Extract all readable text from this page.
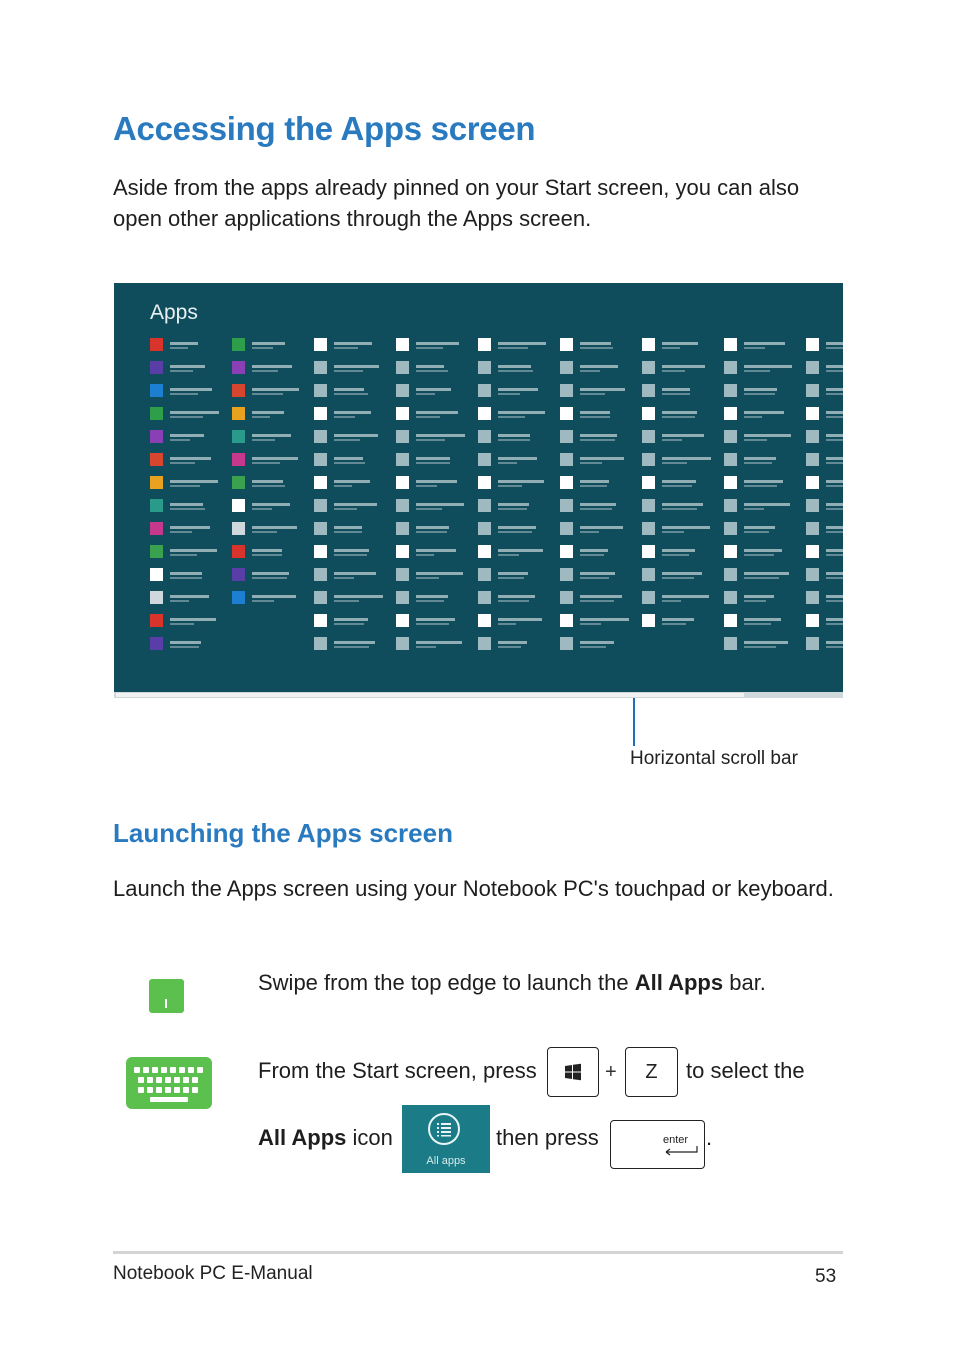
Accessing the Apps screen

Aside from the apps already pinned on your Start screen, you can also open other applications through the Apps screen.

Apps

Horizontal scroll bar

Launching the Apps screen

Launch the Apps screen using your Notebook PC's touchpad or keyboard.

Swipe from the top edge to launch the All Apps bar.

From the Start screen, press	+ Z to select the

All Apps icon

All apps

then press	enter .

Notebook PC E-Manual	53
